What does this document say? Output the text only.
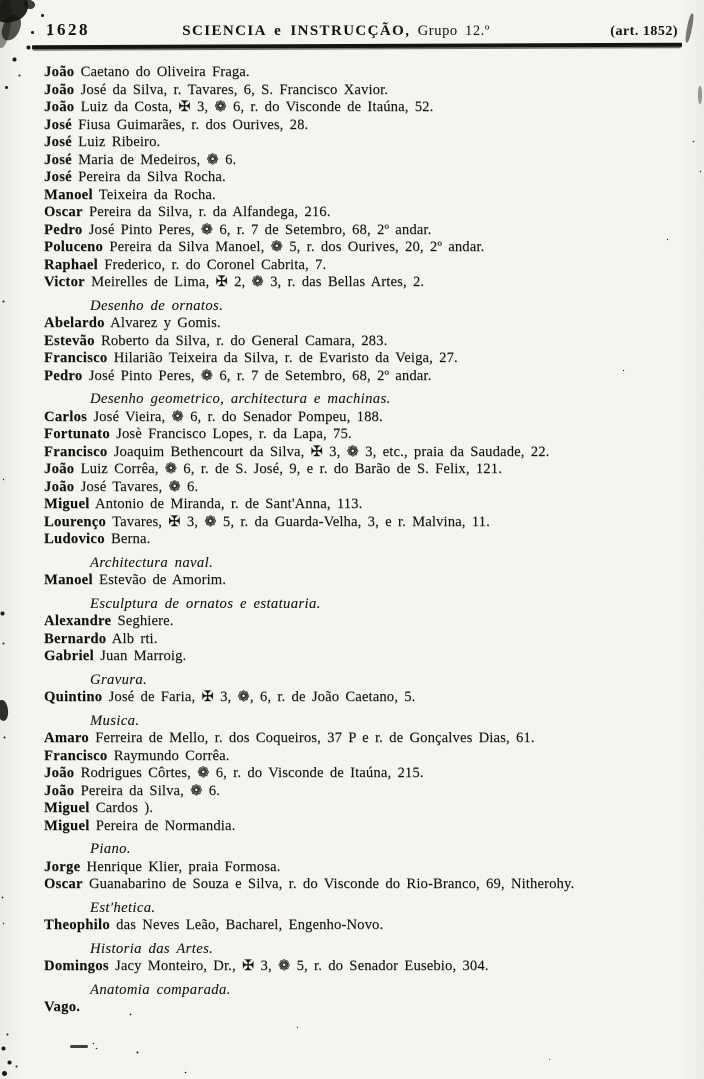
1628	SCIENCIA e INSTRUCÇÃO, Grupo 12.º	(art. 1852)
João Caetano do Oliveira Fraga.
João José da Silva, r. Tavares, 6, S. Francisco Xavior.
João Luiz da Costa, ✠ 3, ❁ 6, r. do Visconde de Itaúna, 52.
José Fiusa Guimarães, r. dos Ourives, 28.
José Luiz Ribeiro.
José Maria de Medeiros, ❁ 6.
José Pereira da Silva Rocha.
Manoel Teixeira da Rocha.
Oscar Pereira da Silva, r. da Alfandega, 216.
Pedro José Pinto Peres, ❁ 6, r. 7 de Setembro, 68, 2º andar.
Poluceno Pereira da Silva Manoel, ❁ 5, r. dos Ourives, 20, 2º andar.
Raphael Frederico, r. do Coronel Cabrita, 7.
Victor Meirelles de Lima, ✠ 2, ❁ 3, r. das Bellas Artes, 2.
Desenho de ornatos.
Abelardo Alvarez y Gomis.
Estevão Roberto da Silva, r. do General Camara, 283.
Francisco Hilarião Teixeira da Silva, r. de Evaristo da Veiga, 27.
Pedro José Pinto Peres, ❁ 6, r. 7 de Setembro, 68, 2º andar.
Desenho geometrico, architectura e machinas.
Carlos José Vieira, ❁ 6, r. do Senador Pompeu, 188.
Fortunato Josè Francisco Lopes, r. da Lapa, 75.
Francisco Joaquim Bethencourt da Silva, ✠ 3, ❁ 3, etc., praia da Saudade, 22.
João Luiz Corrêa, ❁ 6, r. de S. José, 9, e r. do Barão de S. Felix, 121.
João José Tavares, ❁ 6.
Miguel Antonio de Miranda, r. de Sant'Anna, 113.
Lourenço Tavares, ✠ 3, ❁ 5, r. da Guarda-Velha, 3, e r. Malvina, 11.
Ludovico Berna.
Architectura naval.
Manoel Estevão de Amorim.
Esculptura de ornatos e estatuaria.
Alexandre Seghiere.
Bernardo Alb rti.
Gabriel Juan Marroig.
Gravura.
Quintino José de Faria, ✠ 3, ❁, 6, r. de João Caetano, 5.
Musica.
Amaro Ferreira de Mello, r. dos Coqueiros, 37 P e r. de Gonçalves Dias, 61.
Francisco Raymundo Corrêa.
João Rodrigues Côrtes, ❁ 6, r. do Visconde de Itaúna, 215.
João Pereira da Silva, ❁ 6.
Miguel Cardos ).
Miguel Pereira de Normandia.
Piano.
Jorge Henrique Klier, praia Formosa.
Oscar Guanabarino de Souza e Silva, r. do Visconde do Rio-Branco, 69, Nitherohy.
Est'hetica.
Theophilo das Neves Leão, Bacharel, Engenho-Novo.
Historia das Artes.
Domingos Jacy Monteiro, Dr., ✠ 3, ❁ 5, r. do Senador Eusebio, 304.
Anatomia comparada.
Vago.
